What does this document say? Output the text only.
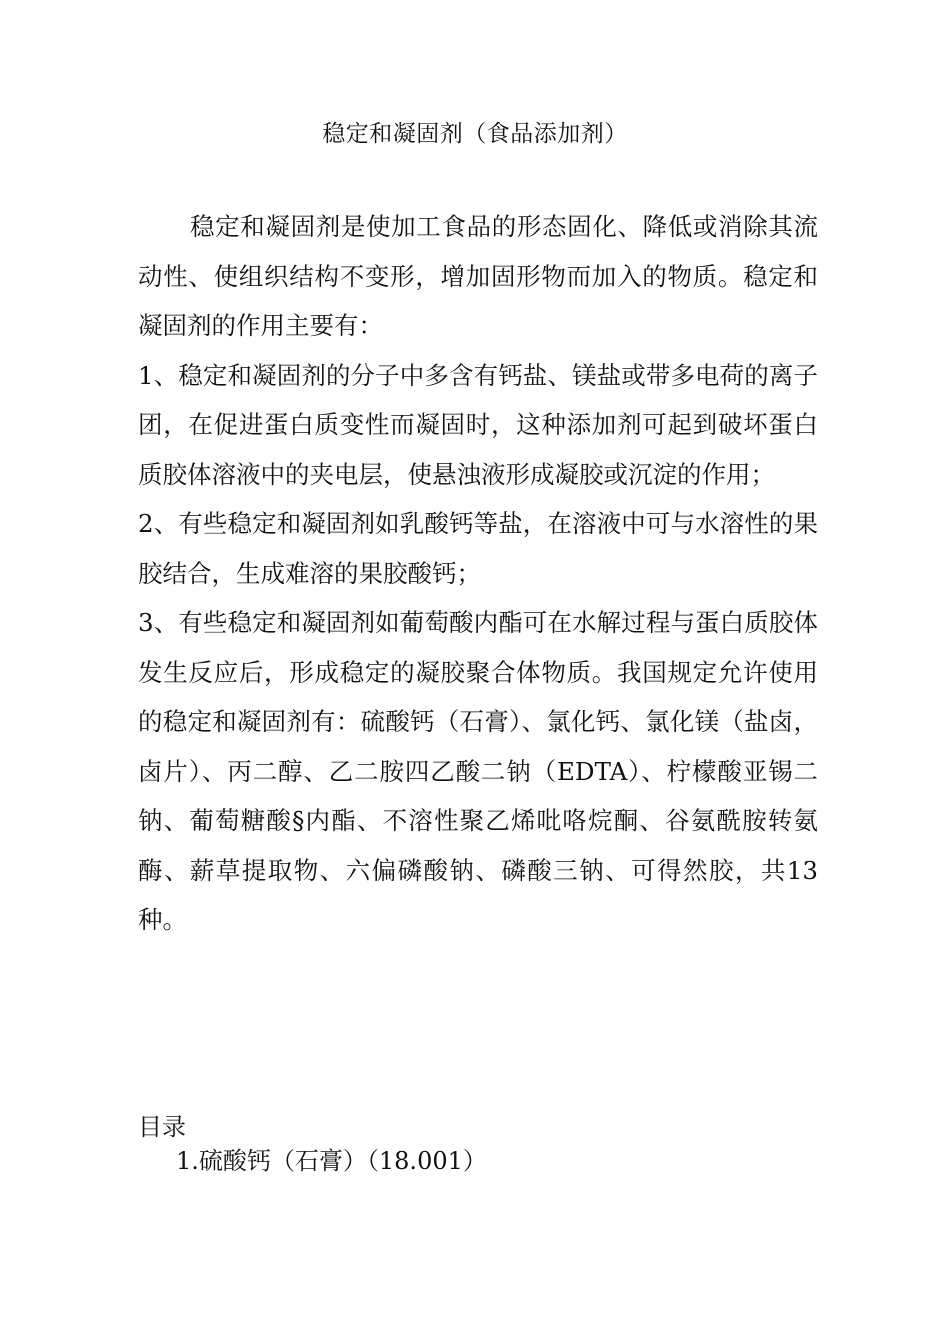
稳定和凝固剂（食品添加剂）

稳定和凝固剂是使加工食品的形态固化、降低或消除其流动性、使组织结构不变形，增加固形物而加入的物质。稳定和凝固剂的作用主要有：

1、稳定和凝固剂的分子中多含有钙盐、镁盐或带多电荷的离子团，在促进蛋白质变性而凝固时，这种添加剂可起到破坏蛋白质胶体溶液中的夹电层，使悬浊液形成凝胶或沉淀的作用；

2、有些稳定和凝固剂如乳酸钙等盐，在溶液中可与水溶性的果胶结合，生成难溶的果胶酸钙；

3、有些稳定和凝固剂如葡萄酸内酯可在水解过程与蛋白质胶体发生反应后，形成稳定的凝胶聚合体物质。我国规定允许使用的稳定和凝固剂有：硫酸钙（石膏）、氯化钙、氯化镁（盐卤，卤片）、丙二醇、乙二胺四乙酸二钠（EDTA）、柠檬酸亚锡二钠、葡萄糖酸§内酯、不溶性聚乙烯吡咯烷酮、谷氨酰胺转氨酶、薪草提取物、六偏磷酸钠、磷酸三钠、可得然胶，共13种。

目录
1.硫酸钙（石膏）（18.001）
